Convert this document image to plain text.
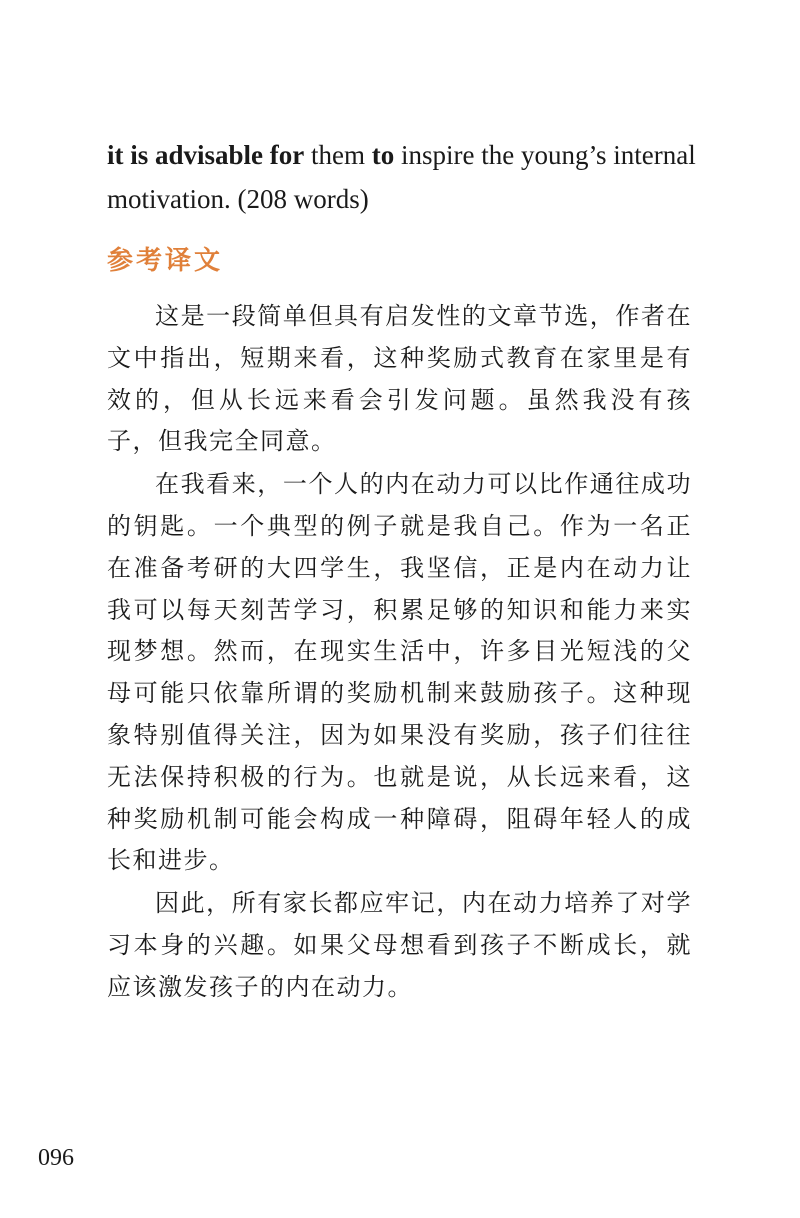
it is advisable for them to inspire the young’s internal motivation. (208 words)

参考译文

这是一段简单但具有启发性的文章节选，作者在文中指出，短期来看，这种奖励式教育在家里是有效的，但从长远来看会引发问题。虽然我没有孩子，但我完全同意。

在我看来，一个人的内在动力可以比作通往成功的钥匙。一个典型的例子就是我自己。作为一名正在准备考研的大四学生，我坚信，正是内在动力让我可以每天刻苦学习，积累足够的知识和能力来实现梦想。然而，在现实生活中，许多目光短浅的父母可能只依靠所谓的奖励机制来鼓励孩子。这种现象特别值得关注，因为如果没有奖励，孩子们往往无法保持积极的行为。也就是说，从长远来看，这种奖励机制可能会构成一种障碍，阻碍年轻人的成长和进步。

因此，所有家长都应牢记，内在动力培养了对学习本身的兴趣。如果父母想看到孩子不断成长，就应该激发孩子的内在动力。

096
